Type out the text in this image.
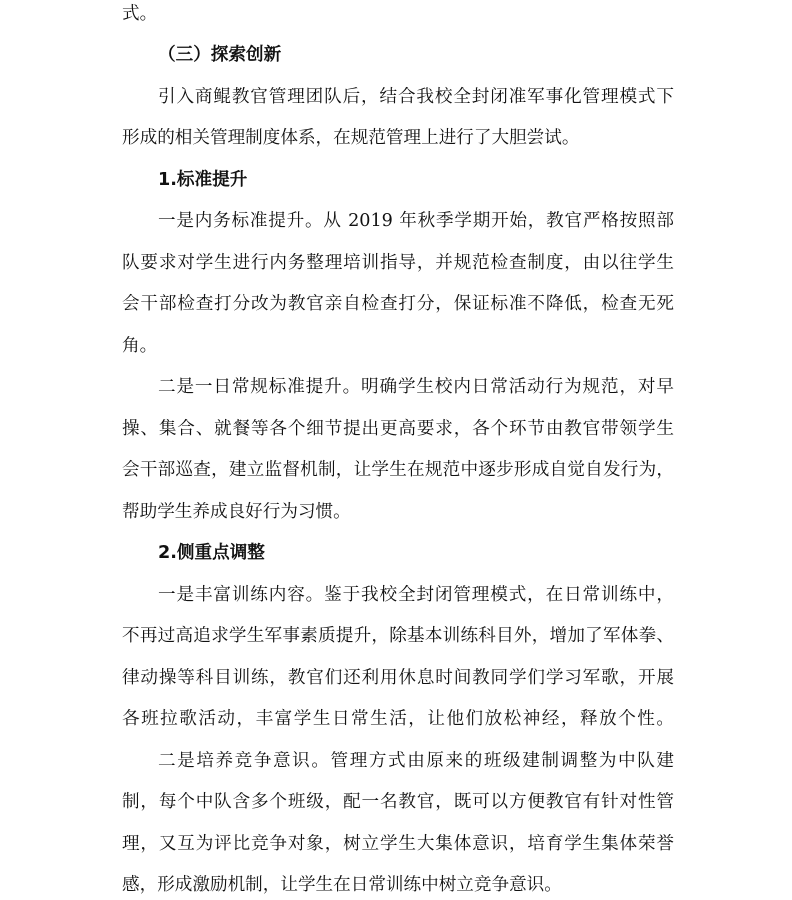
式。
（三）探索创新
引入商鲲教官管理团队后，结合我校全封闭准军事化管理模式下
形成的相关管理制度体系，在规范管理上进行了大胆尝试。
1.标准提升
一是内务标准提升。从 2019 年秋季学期开始，教官严格按照部
队要求对学生进行内务整理培训指导，并规范检查制度，由以往学生
会干部检查打分改为教官亲自检查打分，保证标准不降低，检查无死
角。
二是一日常规标准提升。明确学生校内日常活动行为规范，对早
操、集合、就餐等各个细节提出更高要求，各个环节由教官带领学生
会干部巡查，建立监督机制，让学生在规范中逐步形成自觉自发行为，
帮助学生养成良好行为习惯。
2.侧重点调整
一是丰富训练内容。鉴于我校全封闭管理模式，在日常训练中，
不再过高追求学生军事素质提升，除基本训练科目外，增加了军体拳、
律动操等科目训练，教官们还利用休息时间教同学们学习军歌，开展
各班拉歌活动，丰富学生日常生活，让他们放松神经，释放个性。
二是培养竞争意识。管理方式由原来的班级建制调整为中队建
制，每个中队含多个班级，配一名教官，既可以方便教官有针对性管
理，又互为评比竞争对象，树立学生大集体意识，培育学生集体荣誉
感，形成激励机制，让学生在日常训练中树立竞争意识。
